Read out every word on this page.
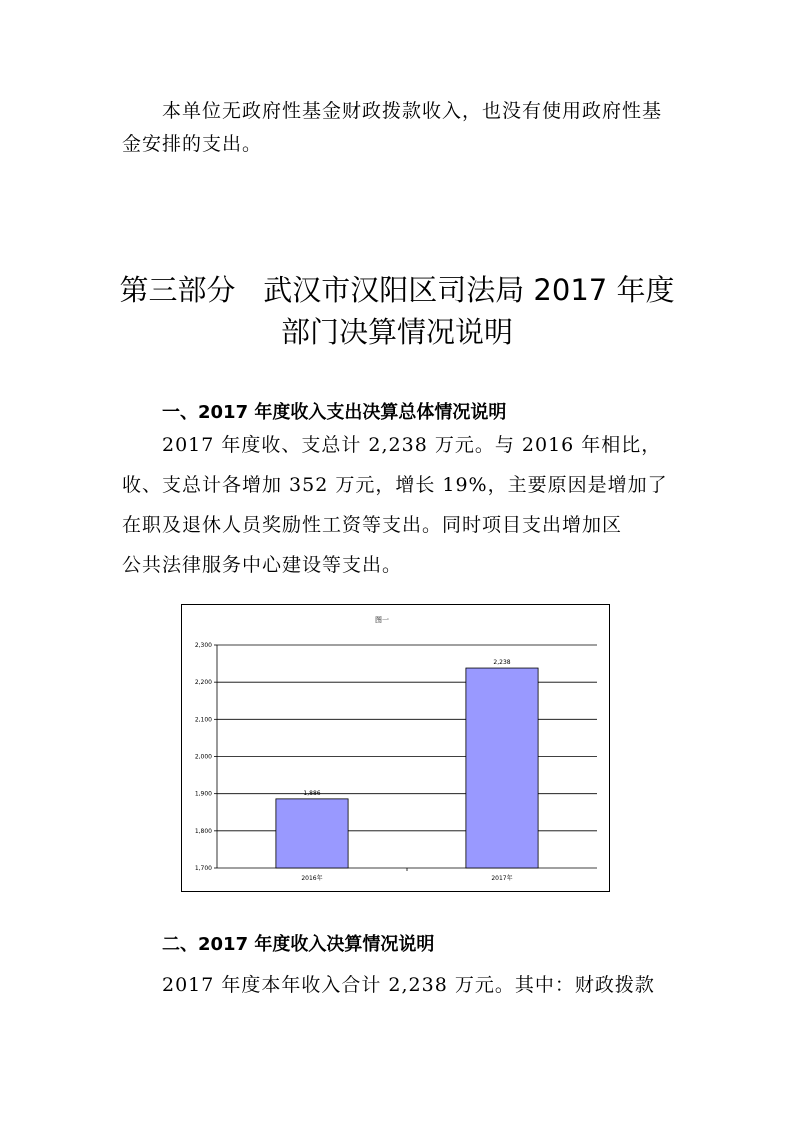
本单位无政府性基金财政拨款收入，也没有使用政府性基
金安排的支出。
第三部分   武汉市汉阳区司法局 2017 年度
部门决算情况说明
一、2017 年度收入支出决算总体情况说明
2017 年度收、支总计 2,238 万元。与 2016 年相比，
收、支总计各增加 352 万元，增长 19%，主要原因是增加了
在职及退休人员奖励性工资等支出。同时项目支出增加区
公共法律服务中心建设等支出。
图一
1,700
1,800
1,900
2,000
2,100
2,200
2,300
1,886
2016年
2,238
2017年
二、2017 年度收入决算情况说明
2017 年度本年收入合计 2,238 万元。其中：财政拨款
